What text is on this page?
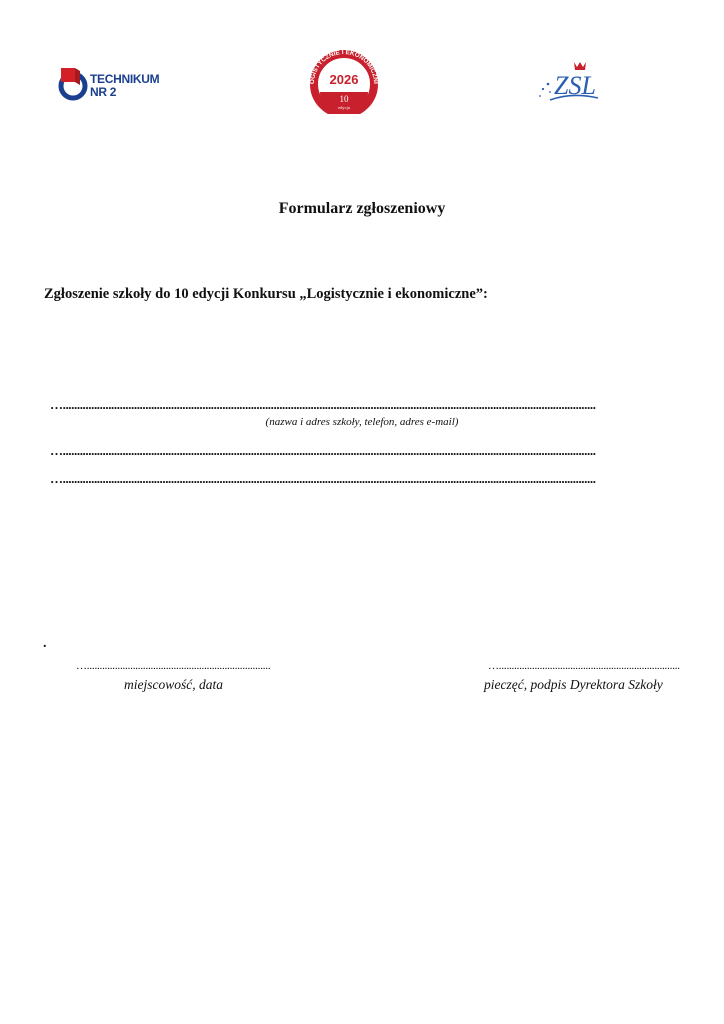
TECHNIKUM
NR 2
OGISTYCZNIE I EKONOMICZNI
2026
10
edycja
ZSL
Formularz zgłoszeniowy
Zgłoszenie szkoły do 10 edycji Konkursu „Logistycznie i ekonomiczne”:
…...........................................................................................................................................................................................
(nazwa i adres szkoły, telefon, adres e-mail)
…...........................................................................................................................................................................................
…...........................................................................................................................................................................................
.
…........................................................................	….......................................................................
miejscowość, data	pieczęć, podpis Dyrektora Szkoły
